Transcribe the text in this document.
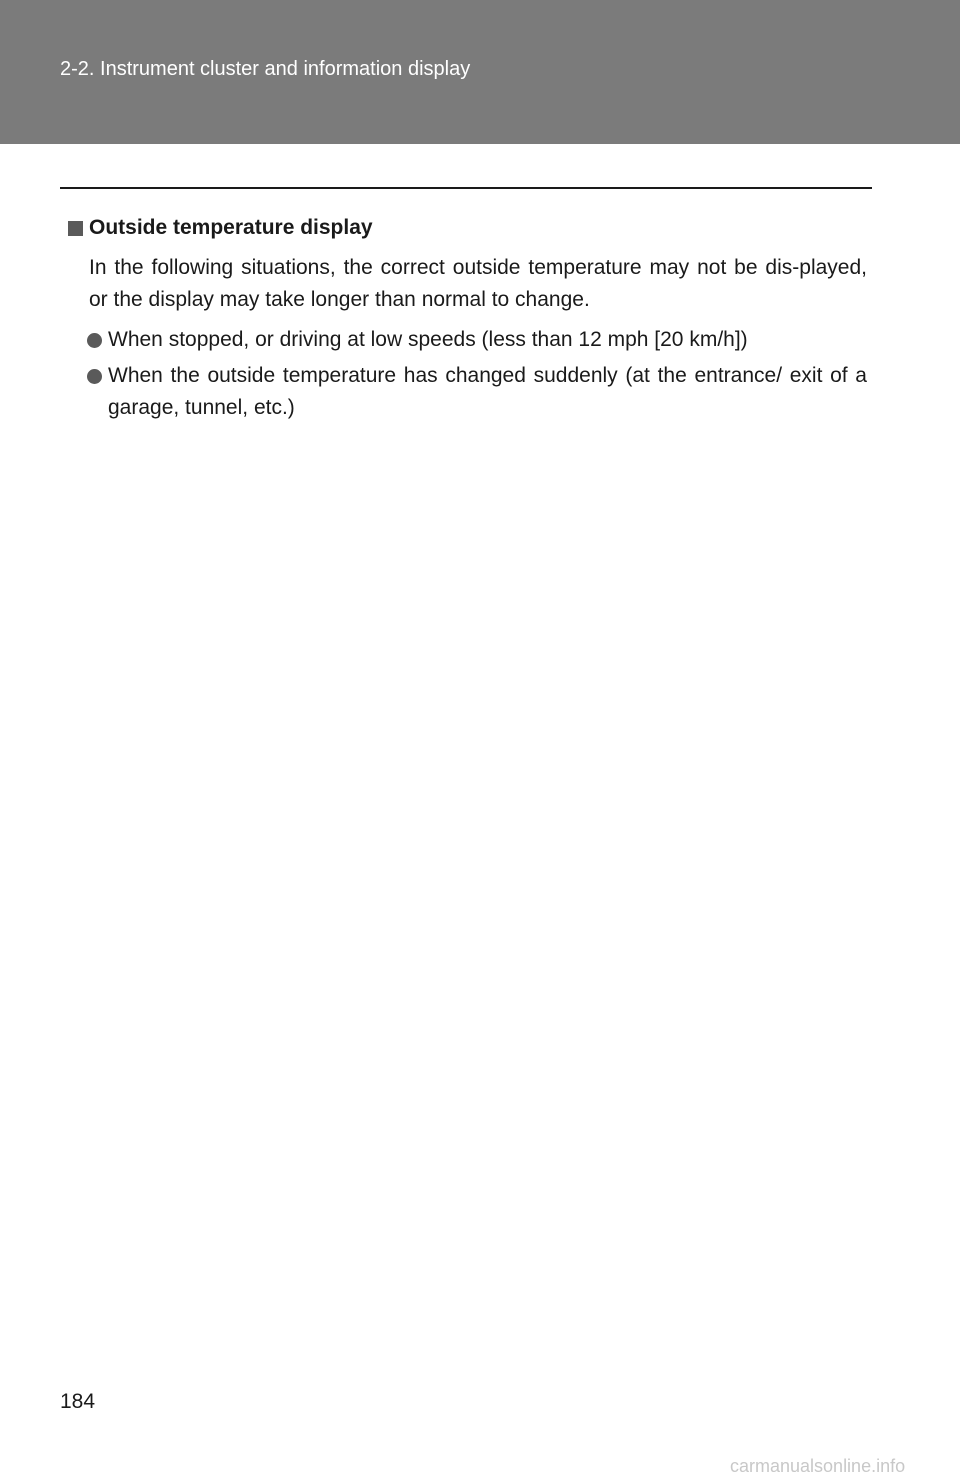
2-2. Instrument cluster and information display
Outside temperature display
In the following situations, the correct outside temperature may not be dis-played, or the display may take longer than normal to change.
When stopped, or driving at low speeds (less than 12 mph [20 km/h])
When the outside temperature has changed suddenly (at the entrance/ exit of a garage, tunnel, etc.)
184
carmanualsonline.info
